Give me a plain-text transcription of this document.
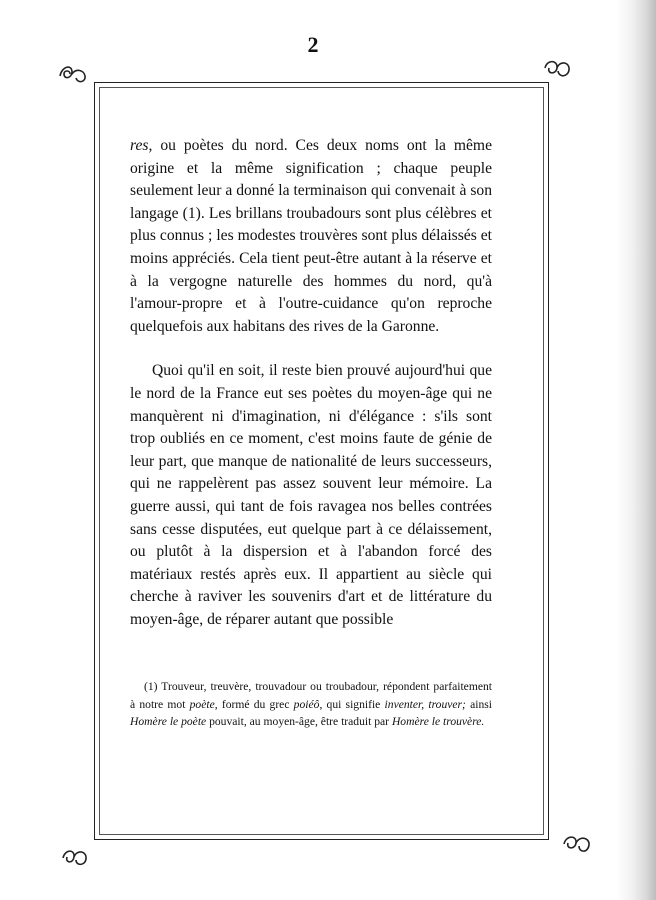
2

res, ou poètes du nord. Ces deux noms ont la même origine et la même signification ; chaque peuple seulement leur a donné la terminaison qui convenait à son langage (1). Les brillans troubadours sont plus célèbres et plus connus ; les modestes trouvères sont plus délaissés et moins appréciés. Cela tient peut-être autant à la réserve et à la vergogne naturelle des hommes du nord, qu'à l'amour-propre et à l'outre-cuidance qu'on reproche quelquefois aux habitans des rives de la Garonne.

Quoi qu'il en soit, il reste bien prouvé aujourd'hui que le nord de la France eut ses poètes du moyen-âge qui ne manquèrent ni d'imagination, ni d'élégance : s'ils sont trop oubliés en ce moment, c'est moins faute de génie de leur part, que manque de nationalité de leurs successeurs, qui ne rappelèrent pas assez souvent leur mémoire. La guerre aussi, qui tant de fois ravagea nos belles contrées sans cesse disputées, eut quelque part à ce délaissement, ou plutôt à la dispersion et à l'abandon forcé des matériaux restés après eux. Il appartient au siècle qui cherche à raviver les souvenirs d'art et de littérature du moyen-âge, de réparer autant que possible

(1) Trouveur, treuvère, trouvadour ou troubadour, répondent parfaitement à notre mot poète, formé du grec poiéô, qui signifie inventer, trouver; ainsi Homère le poète pouvait, au moyen-âge, être traduit par Homère le trouvère.
